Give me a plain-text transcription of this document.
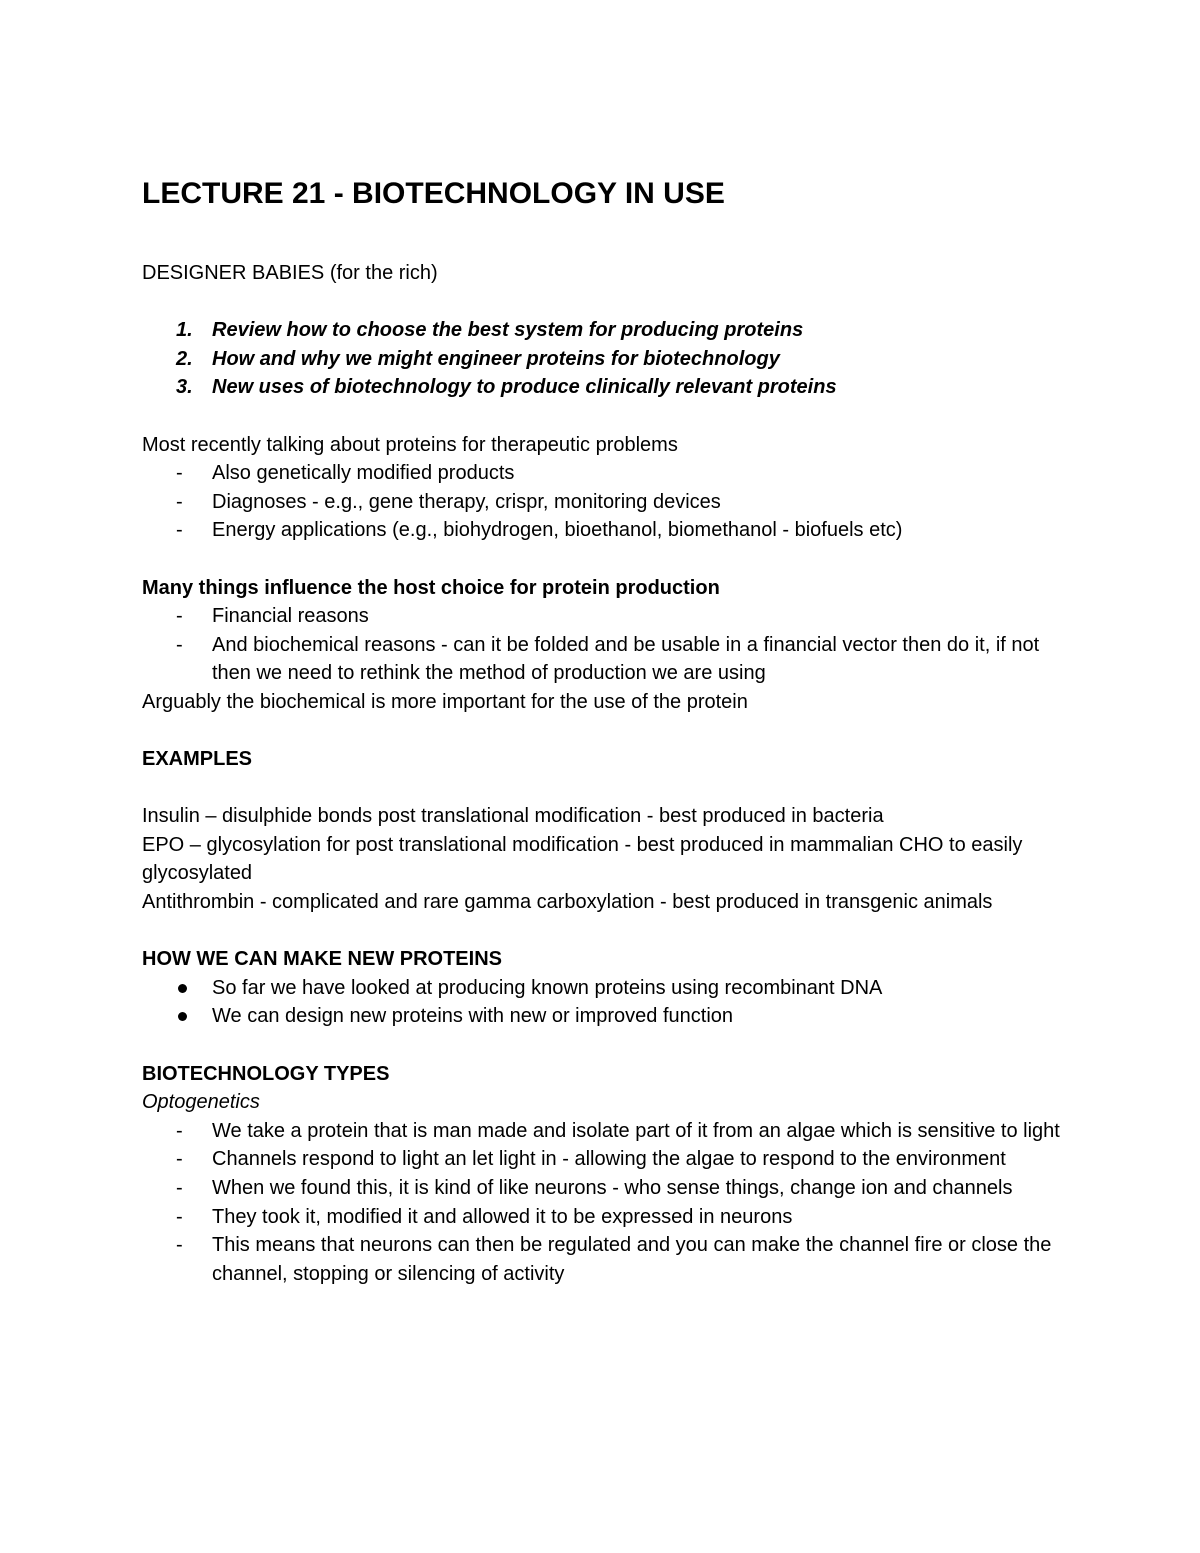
LECTURE 21 - BIOTECHNOLOGY IN USE

DESIGNER BABIES (for the rich)

1. Review how to choose the best system for producing proteins
2. How and why we might engineer proteins for biotechnology
3. New uses of biotechnology to produce clinically relevant proteins

Most recently talking about proteins for therapeutic problems

- Also genetically modified products
- Diagnoses - e.g., gene therapy, crispr, monitoring devices
- Energy applications (e.g., biohydrogen, bioethanol, biomethanol - biofuels etc)

Many things influence the host choice for protein production

- Financial reasons
- And biochemical reasons - can it be folded and be usable in a financial vector then do it, if not then we need to rethink the method of production we are using

Arguably the biochemical is more important for the use of the protein

EXAMPLES

Insulin – disulphide bonds post translational modification - best produced in bacteria

EPO – glycosylation for post translational modification - best produced in mammalian CHO to easily glycosylated

Antithrombin - complicated and rare gamma carboxylation - best produced in transgenic animals

HOW WE CAN MAKE NEW PROTEINS

So far we have looked at producing known proteins using recombinant DNA
We can design new proteins with new or improved function

BIOTECHNOLOGY TYPES

Optogenetics

- We take a protein that is man made and isolate part of it from an algae which is sensitive to light
- Channels respond to light an let light in - allowing the algae to respond to the environment
- When we found this, it is kind of like neurons - who sense things, change ion and channels
- They took it, modified it and allowed it to be expressed in neurons
- This means that neurons can then be regulated and you can make the channel fire or close the channel, stopping or silencing of activity
